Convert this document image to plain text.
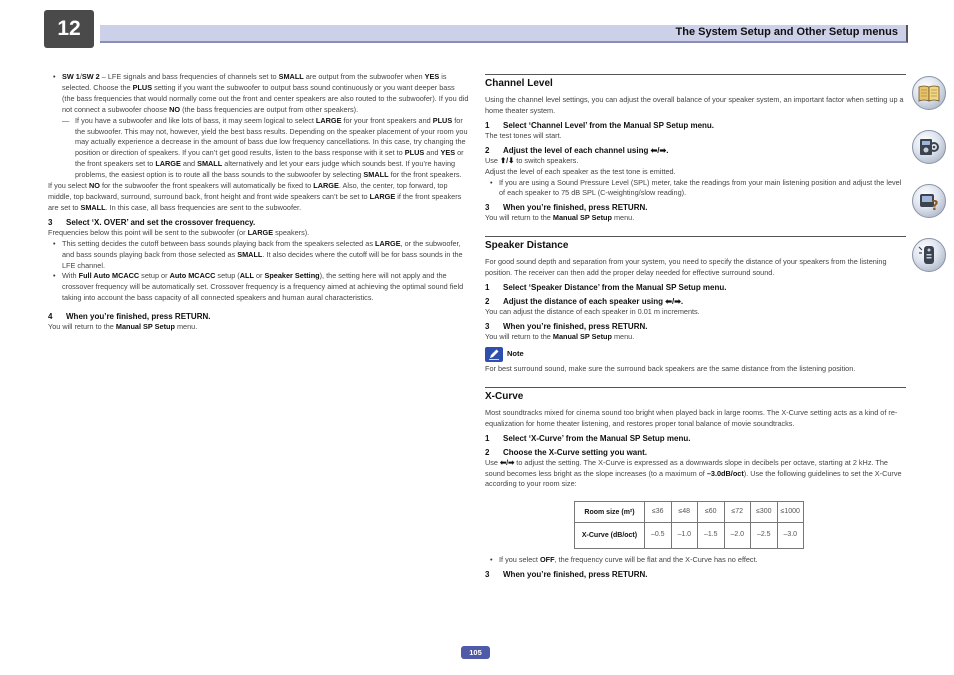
12	The System Setup and Other Setup menus
• SW 1/SW 2 – LFE signals and bass frequencies of channels set to SMALL are output from the subwoofer when YES is selected. Choose the PLUS setting if you want the subwoofer to output bass sound continuously or you want deeper bass (the bass frequencies that would normally come out the front and center speakers are also routed to the subwoofer). If you did not connect a subwoofer choose NO (the bass frequencies are output from other speakers).
— If you have a subwoofer and like lots of bass, it may seem logical to select LARGE for your front speakers and PLUS for the subwoofer. This may not, however, yield the best bass results. Depending on the speaker placement of your room you may actually experience a decrease in the amount of bass due low frequency cancellations. In this case, try changing the position or direction of speakers. If you can’t get good results, listen to the bass response with it set to PLUS and YES or the front speakers set to LARGE and SMALL alternatively and let your ears judge which sounds best. If you’re having problems, the easiest option is to route all the bass sounds to the subwoofer by selecting SMALL for the front speakers.
If you select NO for the subwoofer the front speakers will automatically be fixed to LARGE. Also, the center, top forward, top middle, top backward, surround, surround back, front height and front wide speakers can’t be set to LARGE if the front speakers are set to SMALL. In this case, all bass frequencies are sent to the subwoofer.
3 Select ‘X. OVER’ and set the crossover frequency.
Frequencies below this point will be sent to the subwoofer (or LARGE speakers).
• This setting decides the cutoff between bass sounds playing back from the speakers selected as LARGE, or the subwoofer, and bass sounds playing back from those selected as SMALL. It also decides where the cutoff will be for bass sounds in the LFE channel.
• With Full Auto MCACC setup or Auto MCACC setup (ALL or Speaker Setting), the setting here will not apply and the crossover frequency will be automatically set. Crossover frequency is a frequency aimed at achieving the optimal sound field taking into account the bass capacity of all connected speakers and human aural characteristics.
4 When you’re finished, press RETURN.
You will return to the Manual SP Setup menu.
Channel Level
Using the channel level settings, you can adjust the overall balance of your speaker system, an important factor when setting up a home theater system.
1 Select ‘Channel Level’ from the Manual SP Setup menu.
The test tones will start.
2 Adjust the level of each channel using ⬅/➡.
Use ⬆/⬇ to switch speakers.
Adjust the level of each speaker as the test tone is emitted.
• If you are using a Sound Pressure Level (SPL) meter, take the readings from your main listening position and adjust the level of each speaker to 75 dB SPL (C-weighting/slow reading).
3 When you’re finished, press RETURN.
You will return to the Manual SP Setup menu.
Speaker Distance
For good sound depth and separation from your system, you need to specify the distance of your speakers from the listening position. The receiver can then add the proper delay needed for effective surround sound.
1 Select ‘Speaker Distance’ from the Manual SP Setup menu.
2 Adjust the distance of each speaker using ⬅/➡.
You can adjust the distance of each speaker in 0.01 m increments.
3 When you’re finished, press RETURN.
You will return to the Manual SP Setup menu.
Note
For best surround sound, make sure the surround back speakers are the same distance from the listening position.
X-Curve
Most soundtracks mixed for cinema sound too bright when played back in large rooms. The X-Curve setting acts as a kind of re-equalization for home theater listening, and restores proper tonal balance of movie soundtracks.
1 Select ‘X-Curve’ from the Manual SP Setup menu.
2 Choose the X-Curve setting you want.
Use ⬅/➡ to adjust the setting. The X-Curve is expressed as a downwards slope in decibels per octave, starting at 2 kHz. The sound becomes less bright as the slope increases (to a maximum of –3.0dB/oct). Use the following guidelines to set the X-Curve according to your room size:
Room size (m²)	≤36	≤48	≤60	≤72	≤300	≤1000
X-Curve (dB/oct)	–0.5	–1.0	–1.5	–2.0	–2.5	–3.0
• If you select OFF, the frequency curve will be flat and the X-Curve has no effect.
3 When you’re finished, press RETURN.
?
105
